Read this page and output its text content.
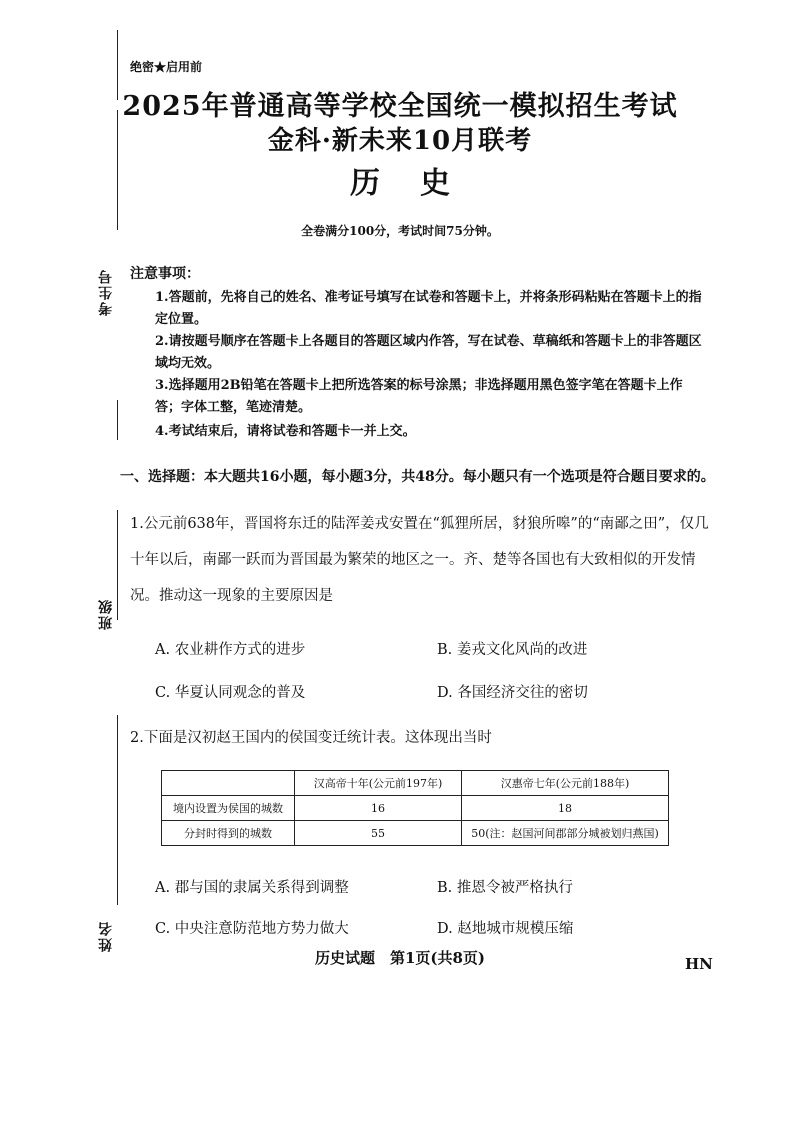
考生号
班级
姓名
绝密★启用前
2025年普通高等学校全国统一模拟招生考试
金科·新未来10月联考
历史
全卷满分100分，考试时间75分钟。
注意事项：
1.答题前，先将自己的姓名、准考证号填写在试卷和答题卡上，并将条形码粘贴在答题卡上的指定位置。
2.请按题号顺序在答题卡上各题目的答题区域内作答，写在试卷、草稿纸和答题卡上的非答题区域均无效。
3.选择题用2B铅笔在答题卡上把所选答案的标号涂黑；非选择题用黑色签字笔在答题卡上作答；字体工整，笔迹清楚。
4.考试结束后，请将试卷和答题卡一并上交。
一、选择题：本大题共16小题，每小题3分，共48分。每小题只有一个选项是符合题目要求的。
1.公元前638年，晋国将东迁的陆浑姜戎安置在“狐狸所居，豺狼所嗥”的“南鄙之田”，仅几十年以后，南鄙一跃而为晋国最为繁荣的地区之一。齐、楚等各国也有大致相似的开发情况。推动这一现象的主要原因是
A. 农业耕作方式的进步	B. 姜戎文化风尚的改进
C. 华夏认同观念的普及	D. 各国经济交往的密切
2.下面是汉初赵王国内的侯国变迁统计表。这体现出当时
	汉高帝十年(公元前197年)	汉惠帝七年(公元前188年)
境内设置为侯国的城数	16	18
分封时得到的城数	55	50(注：赵国河间郡部分城被划归燕国)
A. 郡与国的隶属关系得到调整	B. 推恩令被严格执行
C. 中央注意防范地方势力做大	D. 赵地城市规模压缩
历史试题　第1页(共8页)	HN
